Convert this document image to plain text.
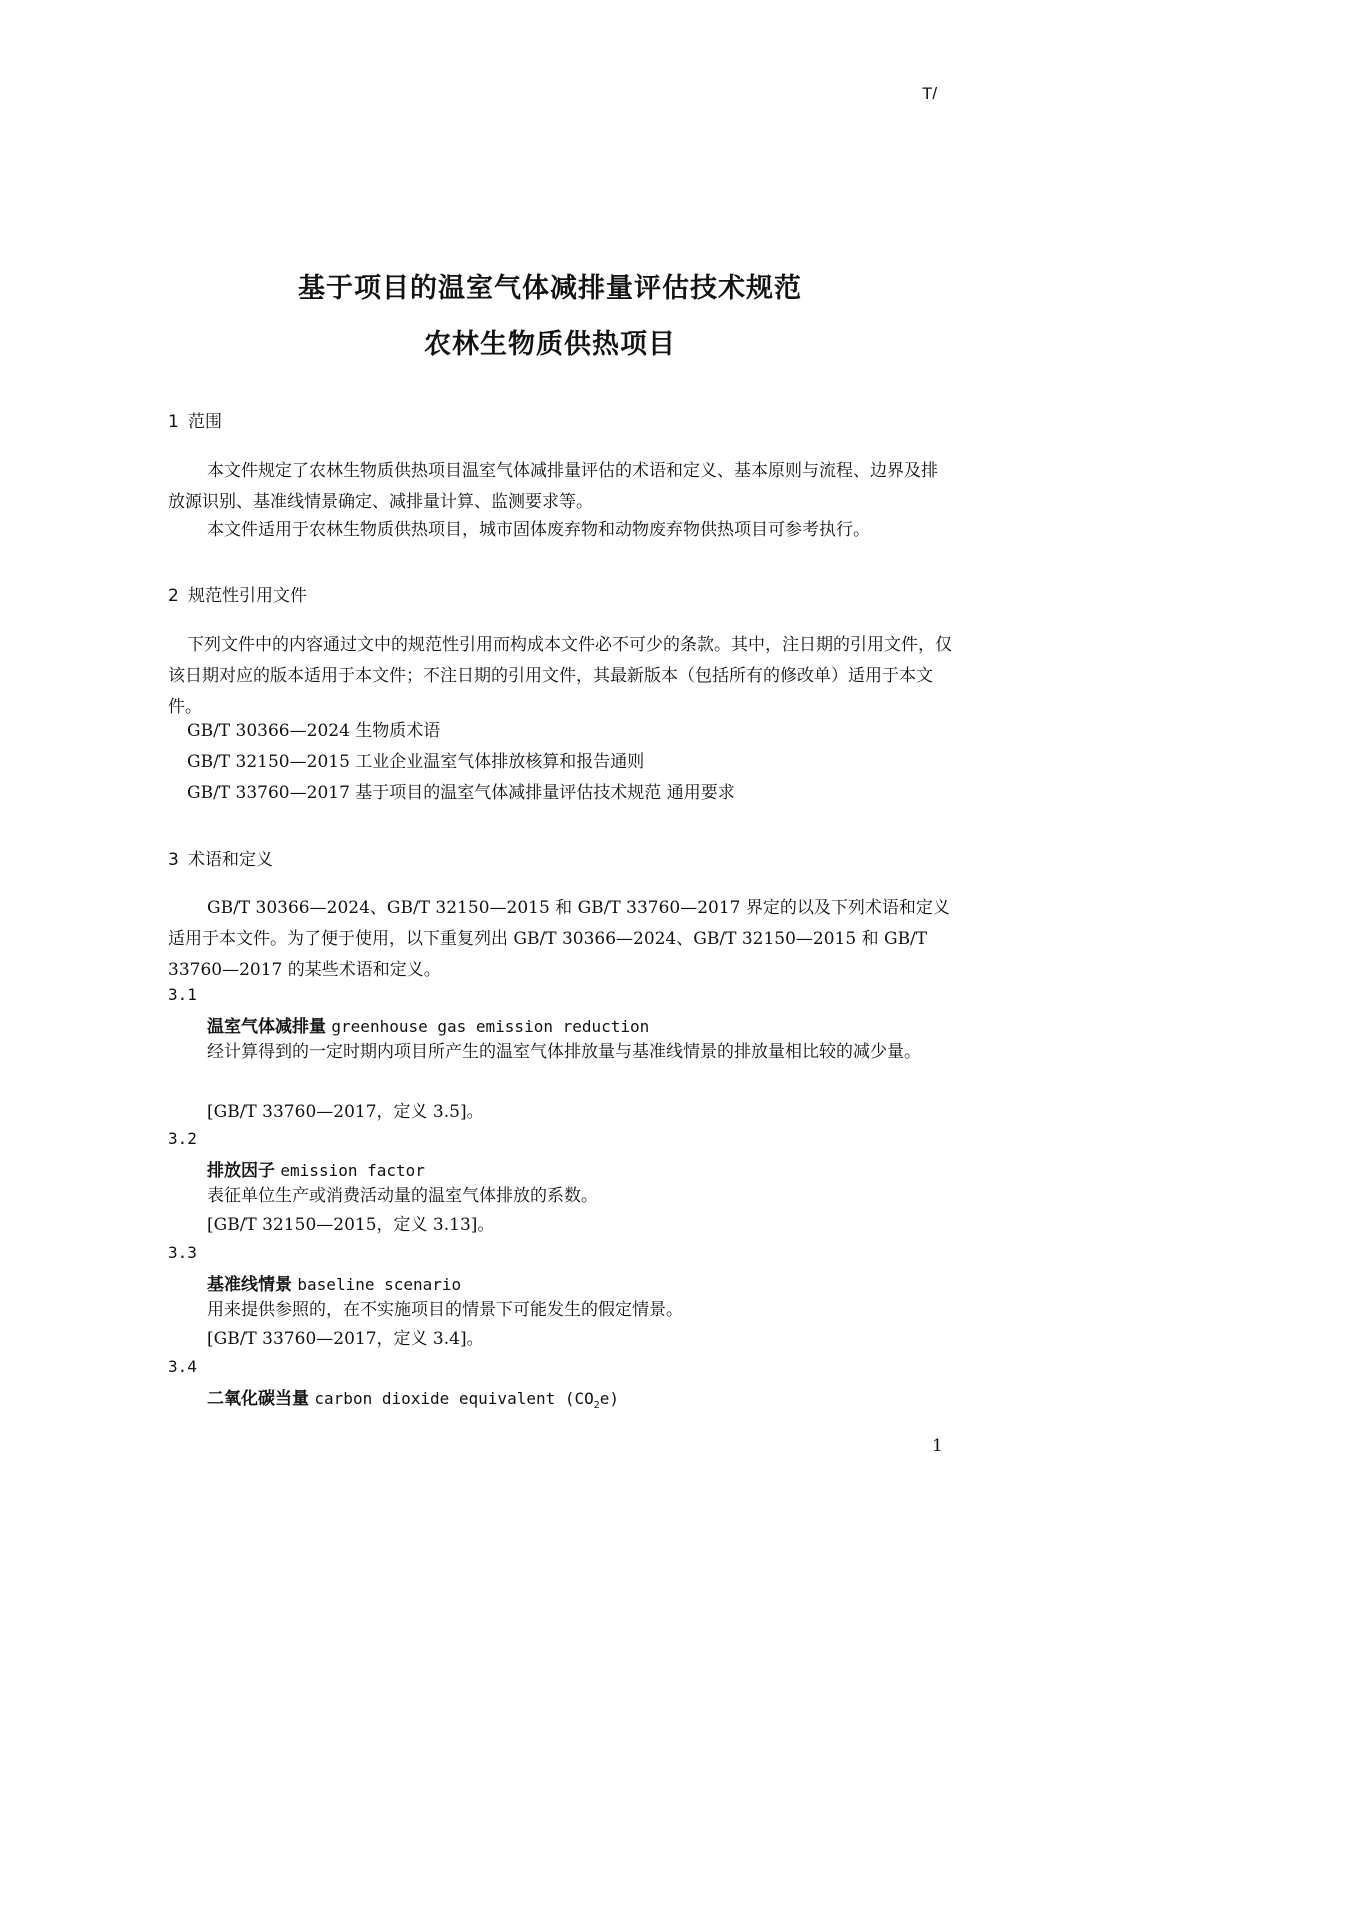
T/
基于项目的温室气体减排量评估技术规范
农林生物质供热项目
1 范围
本文件规定了农林生物质供热项目温室气体减排量评估的术语和定义、基本原则与流程、边界及排放源识别、基准线情景确定、减排量计算、监测要求等。
本文件适用于农林生物质供热项目，城市固体废弃物和动物废弃物供热项目可参考执行。
2 规范性引用文件
下列文件中的内容通过文中的规范性引用而构成本文件必不可少的条款。其中，注日期的引用文件，仅该日期对应的版本适用于本文件；不注日期的引用文件，其最新版本（包括所有的修改单）适用于本文件。
GB/T 30366—2024 生物质术语
GB/T 32150—2015 工业企业温室气体排放核算和报告通则
GB/T 33760—2017 基于项目的温室气体减排量评估技术规范 通用要求
3 术语和定义
GB/T 30366—2024、GB/T 32150—2015 和 GB/T 33760—2017 界定的以及下列术语和定义适用于本文件。为了便于使用，以下重复列出 GB/T 30366—2024、GB/T 32150—2015 和 GB/T 33760—2017 的某些术语和定义。
3.1
温室气体减排量 greenhouse gas emission reduction
经计算得到的一定时期内项目所产生的温室气体排放量与基准线情景的排放量相比较的减少量。
[GB/T 33760—2017，定义 3.5]。
3.2
排放因子 emission factor
表征单位生产或消费活动量的温室气体排放的系数。
[GB/T 32150—2015，定义 3.13]。
3.3
基准线情景 baseline scenario
用来提供参照的，在不实施项目的情景下可能发生的假定情景。
[GB/T 33760—2017，定义 3.4]。
3.4
二氧化碳当量 carbon dioxide equivalent $(CO_2e)$
1
